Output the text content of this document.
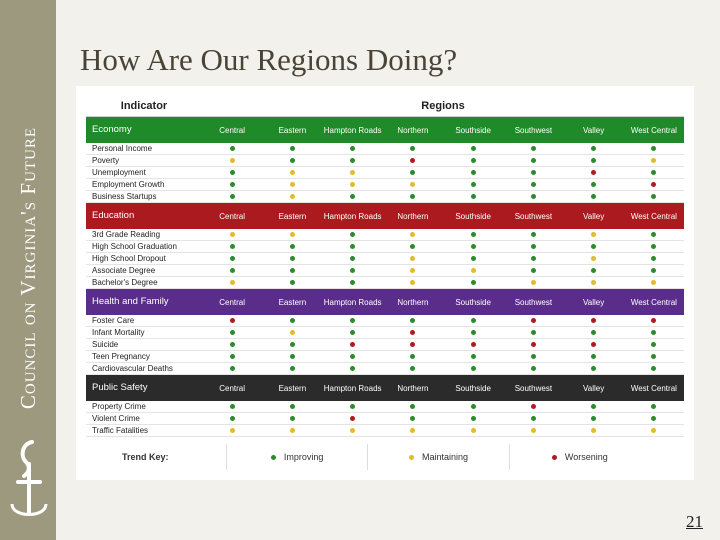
Council on Virginia's Future
How Are Our Regions Doing?
Indicator	Regions
Economy	Central	Eastern	Hampton Roads	Northern	Southside	Southwest	Valley	West Central
Personal Income
Poverty
Unemployment
Employment Growth
Business Startups
Education	Central	Eastern	Hampton Roads	Northern	Southside	Southwest	Valley	West Central
3rd Grade Reading
High School Graduation
High School Dropout
Associate Degree
Bachelor's Degree
Health and Family	Central	Eastern	Hampton Roads	Northern	Southside	Southwest	Valley	West Central
Foster Care
Infant Mortality
Suicide
Teen Pregnancy
Cardiovascular Deaths
Public Safety	Central	Eastern	Hampton Roads	Northern	Southside	Southwest	Valley	West Central
Property Crime
Violent Crime
Traffic Fatalities
Trend Key:	Improving	Maintaining	Worsening
21
